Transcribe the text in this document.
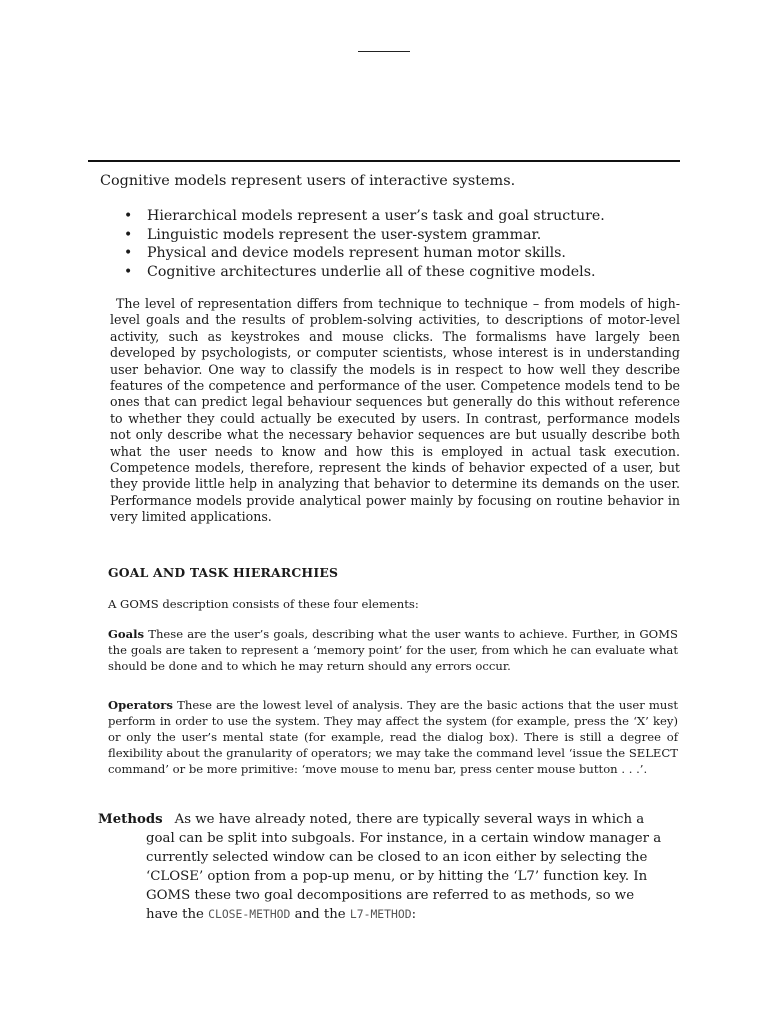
Cognitive models represent users of interactive systems.

• Hierarchical models represent a user’s task and goal structure.
• Linguistic models represent the user-system grammar.
• Physical and device models represent human motor skills.
• Cognitive architectures underlie all of these cognitive models.

The level of representation differs from technique to technique – from models of high-level goals and the results of problem-solving activities, to descriptions of motor-level activity, such as keystrokes and mouse clicks. The formalisms have largely been developed by psychologists, or computer scientists, whose interest is in understanding user behavior. One way to classify the models is in respect to how well they describe features of the competence and performance of the user. Competence models tend to be ones that can predict legal behaviour sequences but generally do this without reference to whether they could actually be executed by users. In contrast, performance models not only describe what the necessary behavior sequences are but usually describe both what the user needs to know and how this is employed in actual task execution. Competence models, therefore, represent the kinds of behavior expected of a user, but they provide little help in analyzing that behavior to determine its demands on the user. Performance models provide analytical power mainly by focusing on routine behavior in very limited applications.

GOAL AND TASK HIERARCHIES

A GOMS description consists of these four elements:

Goals These are the user’s goals, describing what the user wants to achieve. Further, in GOMS the goals are taken to represent a ‘memory point’ for the user, from which he can evaluate what should be done and to which he may return should any errors occur.

Operators These are the lowest level of analysis. They are the basic actions that the user must perform in order to use the system. They may affect the system (for example, press the ‘X’ key) or only the user’s mental state (for example, read the dialog box). There is still a degree of flexibility about the granularity of operators; we may take the command level ‘issue the SELECT command’ or be more primitive: ‘move mouse to menu bar, press center mouse button . . .’.

Methods As we have already noted, there are typically several ways in which a goal can be split into subgoals. For instance, in a certain window manager a currently selected window can be closed to an icon either by selecting the ‘CLOSE’ option from a pop-up menu, or by hitting the ‘L7’ function key. In GOMS these two goal decompositions are referred to as methods, so we have the CLOSE-METHOD and the L7-METHOD:
